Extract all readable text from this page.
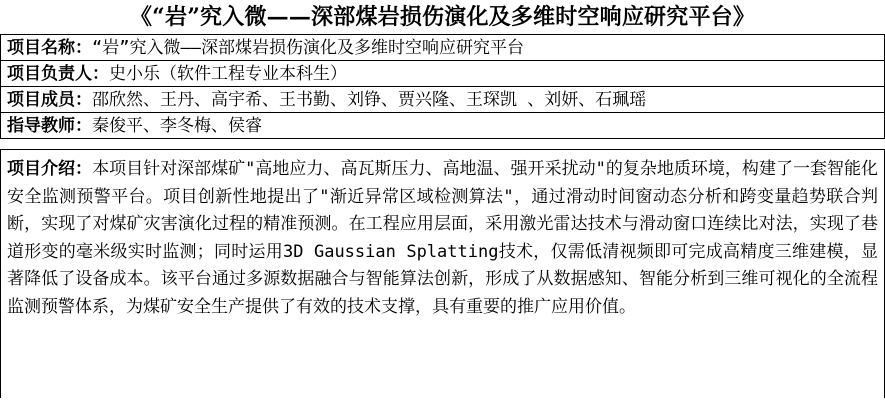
《“岩”究入微——深部煤岩损伤演化及多维时空响应研究平台》
项目名称：“岩”究入微——深部煤岩损伤演化及多维时空响应研究平台
项目负责人：史小乐（软件工程专业本科生）
项目成员：邵欣然、王丹、高宇希、王书勤、刘铮、贾兴隆、王琛凯 、刘妍、石珮瑶
指导教师：秦俊平、李冬梅、侯睿
项目介绍：本项目针对深部煤矿"高地应力、高瓦斯压力、高地温、强开采扰动"的复杂地质环境，构建了一套智能化安全监测预警平台。项目创新性地提出了"渐近异常区域检测算法"，通过滑动时间窗动态分析和跨变量趋势联合判断，实现了对煤矿灾害演化过程的精准预测。在工程应用层面，采用激光雷达技术与滑动窗口连续比对法，实现了巷道形变的毫米级实时监测；同时运用3D Gaussian Splatting技术，仅需低清视频即可完成高精度三维建模，显著降低了设备成本。该平台通过多源数据融合与智能算法创新，形成了从数据感知、智能分析到三维可视化的全流程监测预警体系，为煤矿安全生产提供了有效的技术支撑，具有重要的推广应用价值。
